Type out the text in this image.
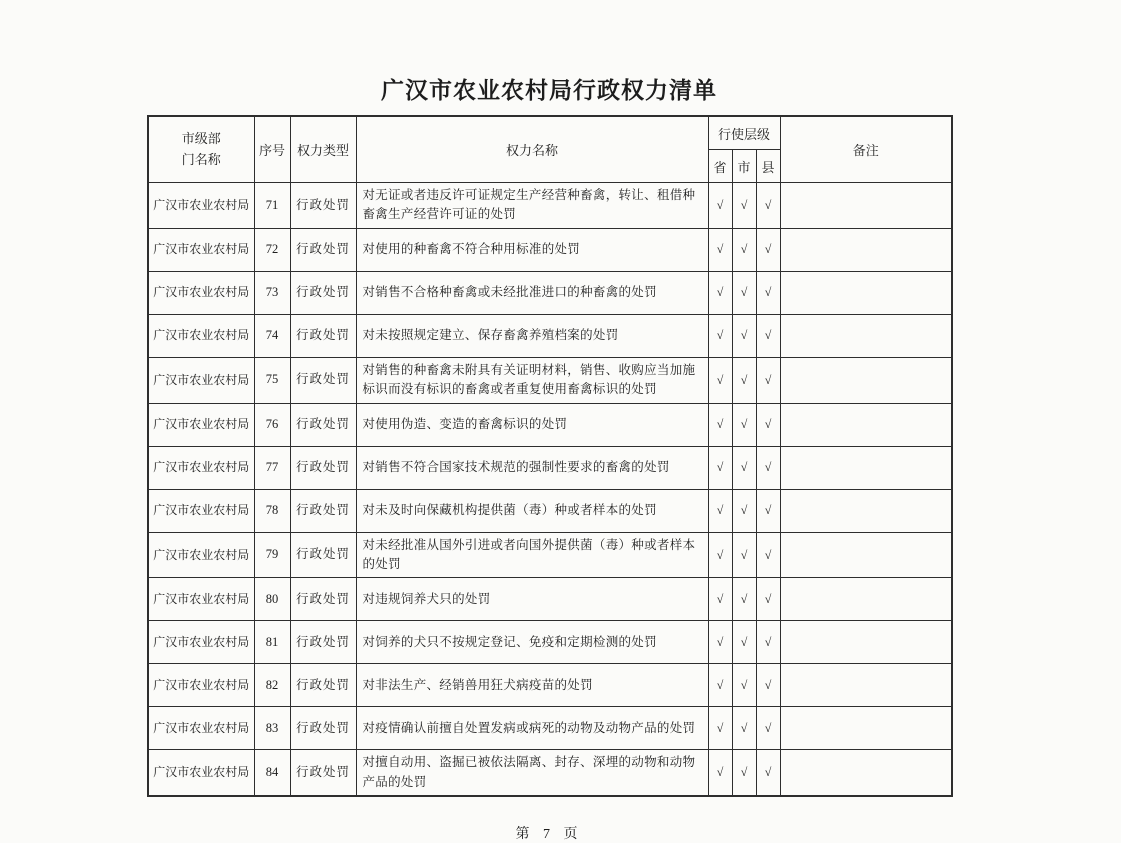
广汉市农业农村局行政权力清单
市级部门名称	序号	权力类型	权力名称	行使层级			备注
				省	市	县	
广汉市农业农村局	71	行政处罚	对无证或者违反许可证规定生产经营种畜禽，转让、租借种畜禽生产经营许可证的处罚	√	√	√	
广汉市农业农村局	72	行政处罚	对使用的种畜禽不符合种用标准的处罚	√	√	√	
广汉市农业农村局	73	行政处罚	对销售不合格种畜禽或未经批准进口的种畜禽的处罚	√	√	√	
广汉市农业农村局	74	行政处罚	对未按照规定建立、保存畜禽养殖档案的处罚	√	√	√	
广汉市农业农村局	75	行政处罚	对销售的种畜禽未附具有关证明材料，销售、收购应当加施标识而没有标识的畜禽或者重复使用畜禽标识的处罚	√	√	√	
广汉市农业农村局	76	行政处罚	对使用伪造、变造的畜禽标识的处罚	√	√	√	
广汉市农业农村局	77	行政处罚	对销售不符合国家技术规范的强制性要求的畜禽的处罚	√	√	√	
广汉市农业农村局	78	行政处罚	对未及时向保藏机构提供菌（毒）种或者样本的处罚	√	√	√	
广汉市农业农村局	79	行政处罚	对未经批准从国外引进或者向国外提供菌（毒）种或者样本的处罚	√	√	√	
广汉市农业农村局	80	行政处罚	对违规饲养犬只的处罚	√	√	√	
广汉市农业农村局	81	行政处罚	对饲养的犬只不按规定登记、免疫和定期检测的处罚	√	√	√	
广汉市农业农村局	82	行政处罚	对非法生产、经销兽用狂犬病疫苗的处罚	√	√	√	
广汉市农业农村局	83	行政处罚	对疫情确认前擅自处置发病或病死的动物及动物产品的处罚	√	√	√	
广汉市农业农村局	84	行政处罚	对擅自动用、盗掘已被依法隔离、封存、深埋的动物和动物产品的处罚	√	√	√	
第 7 页
